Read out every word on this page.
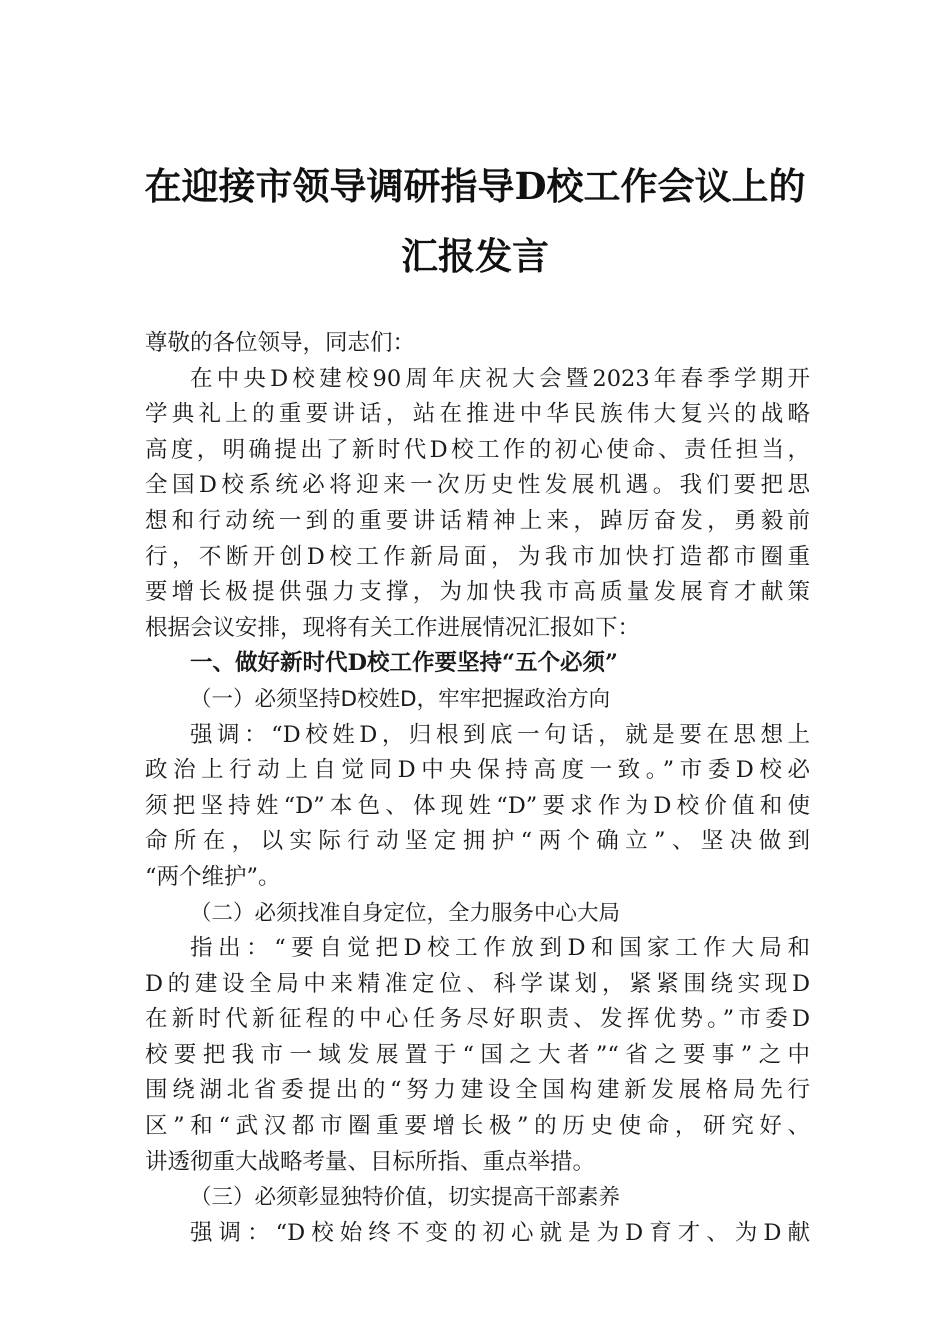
在迎接市领导调研指导D校工作会议上的
汇报发言
尊敬的各位领导，同志们：
在中央D校建校90周年庆祝大会暨2023年春季学期开
学典礼上的重要讲话，站在推进中华民族伟大复兴的战略
高度，明确提出了新时代D校工作的初心使命、责任担当，
全国D校系统必将迎来一次历史性发展机遇。我们要把思
想和行动统一到的重要讲话精神上来，踔厉奋发，勇毅前
行，不断开创D校工作新局面，为我市加快打造都市圈重
要增长极提供强力支撑，为加快我市高质量发展育才献策
根据会议安排，现将有关工作进展情况汇报如下：
一、做好新时代D校工作要坚持“五个必须”
（一）必须坚持D校姓D，牢牢把握政治方向
强调：“D校姓D，归根到底一句话，就是要在思想上
政治上行动上自觉同D中央保持高度一致。”市委D校必
须把坚持姓“D”本色、体现姓“D”要求作为D校价值和使
命所在，以实际行动坚定拥护“两个确立”、坚决做到
“两个维护”。
（二）必须找准自身定位，全力服务中心大局
指出：“要自觉把D校工作放到D和国家工作大局和
D的建设全局中来精准定位、科学谋划，紧紧围绕实现D
在新时代新征程的中心任务尽好职责、发挥优势。”市委D
校要把我市一域发展置于“国之大者”“省之要事”之中
围绕湖北省委提出的“努力建设全国构建新发展格局先行
区”和“武汉都市圈重要增长极”的历史使命，研究好、
讲透彻重大战略考量、目标所指、重点举措。
（三）必须彰显独特价值，切实提高干部素养
强调：“D校始终不变的初心就是为D育才、为D献
